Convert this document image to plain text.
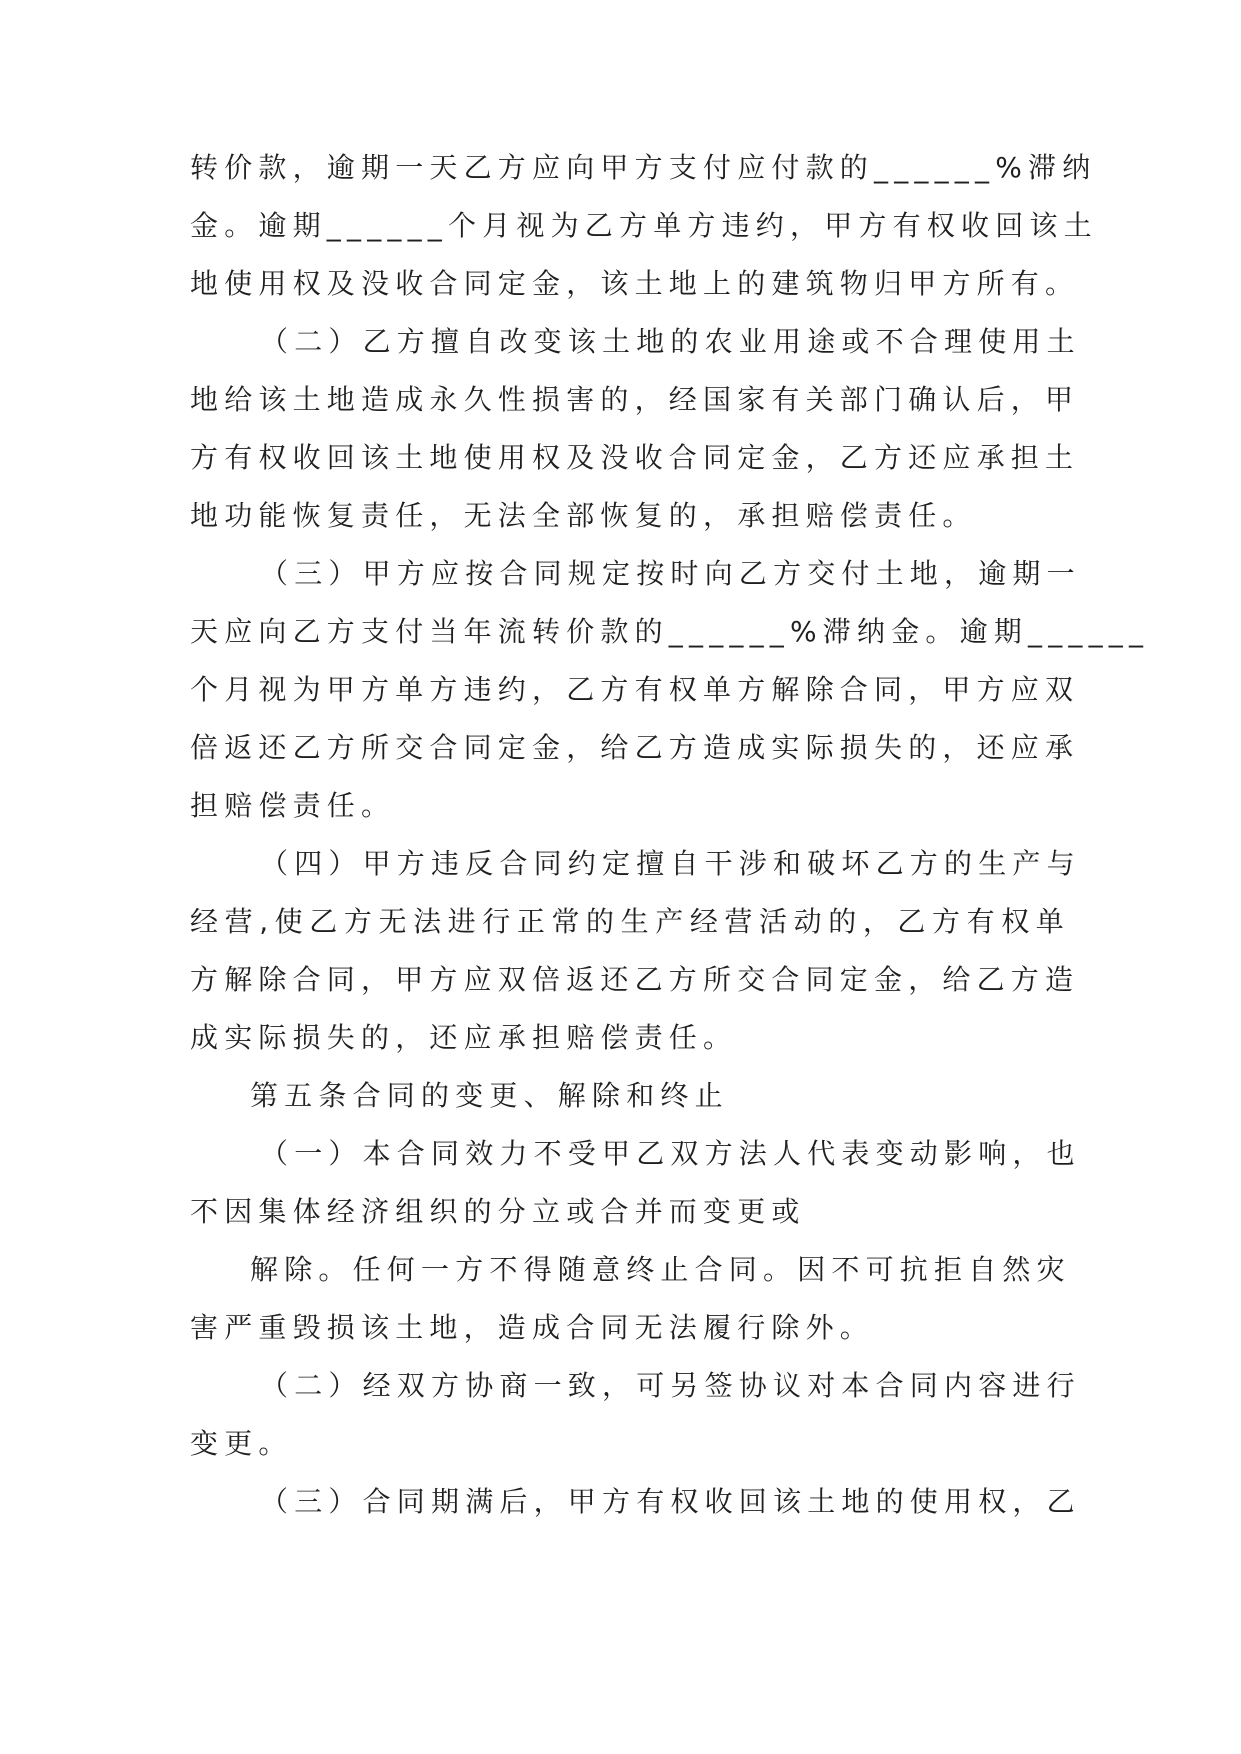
转价款，逾期一天乙方应向甲方支付应付款的______%滞纳
金。逾期______个月视为乙方单方违约，甲方有权收回该土
地使用权及没收合同定金，该土地上的建筑物归甲方所有。
（二）乙方擅自改变该土地的农业用途或不合理使用土
地给该土地造成永久性损害的，经国家有关部门确认后，甲
方有权收回该土地使用权及没收合同定金，乙方还应承担土
地功能恢复责任，无法全部恢复的，承担赔偿责任。
（三）甲方应按合同规定按时向乙方交付土地，逾期一
天应向乙方支付当年流转价款的______%滞纳金。逾期______
个月视为甲方单方违约，乙方有权单方解除合同，甲方应双
倍返还乙方所交合同定金，给乙方造成实际损失的，还应承
担赔偿责任。
（四）甲方违反合同约定擅自干涉和破坏乙方的生产与
经营,使乙方无法进行正常的生产经营活动的，乙方有权单
方解除合同，甲方应双倍返还乙方所交合同定金，给乙方造
成实际损失的，还应承担赔偿责任。
第五条合同的变更、解除和终止
（一）本合同效力不受甲乙双方法人代表变动影响，也
不因集体经济组织的分立或合并而变更或
解除。任何一方不得随意终止合同。因不可抗拒自然灾
害严重毁损该土地，造成合同无法履行除外。
（二）经双方协商一致，可另签协议对本合同内容进行
变更。
（三）合同期满后，甲方有权收回该土地的使用权，乙
